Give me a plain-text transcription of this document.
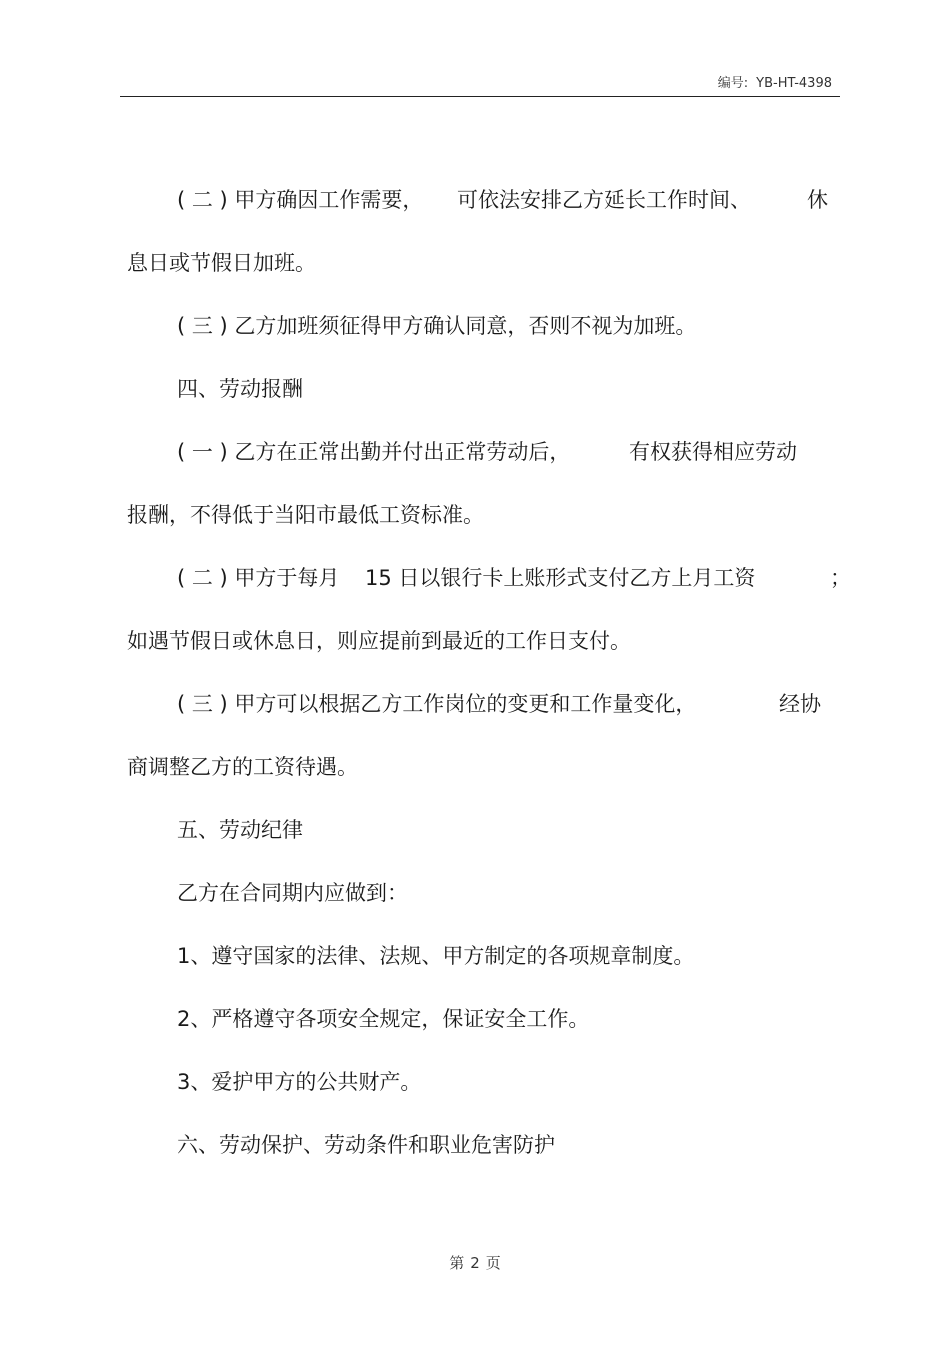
编号: YB-HT-4398
( 二 ) 甲方确因工作需要， 可依法安排乙方延长工作时间、	休
息日或节假日加班。
( 三 ) 乙方加班须征得甲方确认同意，否则不视为加班。
四、劳动报酬
( 一 ) 乙方在正常出勤并付出正常劳动后，	有权获得相应劳动
报酬，不得低于当阳市最低工资标准。
( 二 ) 甲方于每月 15 日以银行卡上账形式支付乙方上月工资	；
如遇节假日或休息日，则应提前到最近的工作日支付。
( 三 ) 甲方可以根据乙方工作岗位的变更和工作量变化，	经协
商调整乙方的工资待遇。
五、劳动纪律
乙方在合同期内应做到：
1、遵守国家的法律、法规、甲方制定的各项规章制度。
2、严格遵守各项安全规定，保证安全工作。
3、爱护甲方的公共财产。
六、劳动保护、劳动条件和职业危害防护
第 2 页
